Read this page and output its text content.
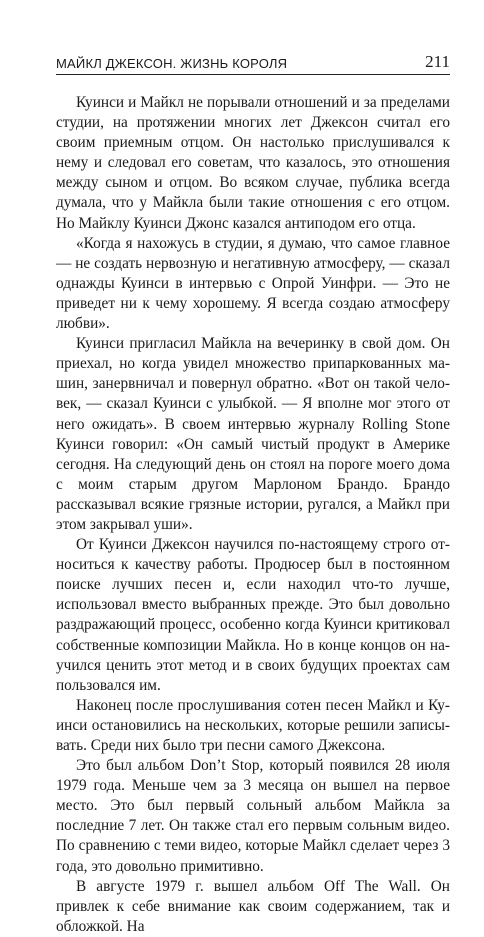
МАЙКЛ ДЖЕКСОН. ЖИЗНЬ КОРОЛЯ	211

Куинси и Майкл не порывали отношений и за пределами студии, на протяжении многих лет Джексон считал его своим приемным отцом. Он настолько прислушивался к нему и следовал его советам, что казалось, это отношения между сыном и отцом. Во всяком случае, публика всегда думала, что у Майкла были такие отношения с его отцом. Но Майклу Куинси Джонс казался антиподом его отца.

«Когда я нахожусь в студии, я думаю, что самое главное — не создать нервозную и негативную атмосферу, — сказал однажды Куинси в интервью с Опрой Уинфри. — Это не приведет ни к чему хорошему. Я всегда создаю атмосферу любви».

Куинси пригласил Майкла на вечеринку в свой дом. Он приехал, но когда увидел множество припаркованных машин, занервничал и повернул обратно. «Вот он такой человек, — сказал Куинси с улыбкой. — Я вполне мог этого от него ожидать». В своем интервью журналу Rolling Stone Куинси говорил: «Он самый чистый продукт в Америке сегодня. На следующий день он стоял на пороге моего дома с моим старым другом Марлоном Брандо. Брандо рассказывал всякие грязные истории, ругался, а Майкл при этом закрывал уши».

От Куинси Джексон научился по-настоящему строго относиться к качеству работы. Продюсер был в постоянном поиске лучших песен и, если находил что-то лучше, использовал вместо выбранных прежде. Это был довольно раздражающий процесс, особенно когда Куинси критиковал собственные композиции Майкла. Но в конце концов он научился ценить этот метод и в своих будущих проектах сам пользовался им.

Наконец после прослушивания сотен песен Майкл и Куинси остановились на нескольких, которые решили записывать. Среди них было три песни самого Джексона.

Это был альбом Don’t Stop, который появился 28 июля 1979 года. Меньше чем за 3 месяца он вышел на первое место. Это был первый сольный альбом Майкла за последние 7 лет. Он также стал его первым сольным видео. По сравнению с теми видео, которые Майкл сделает через 3 года, это довольно примитивно.

В августе 1979 г. вышел альбом Off The Wall. Он привлек к себе внимание как своим содержанием, так и обложкой. На
